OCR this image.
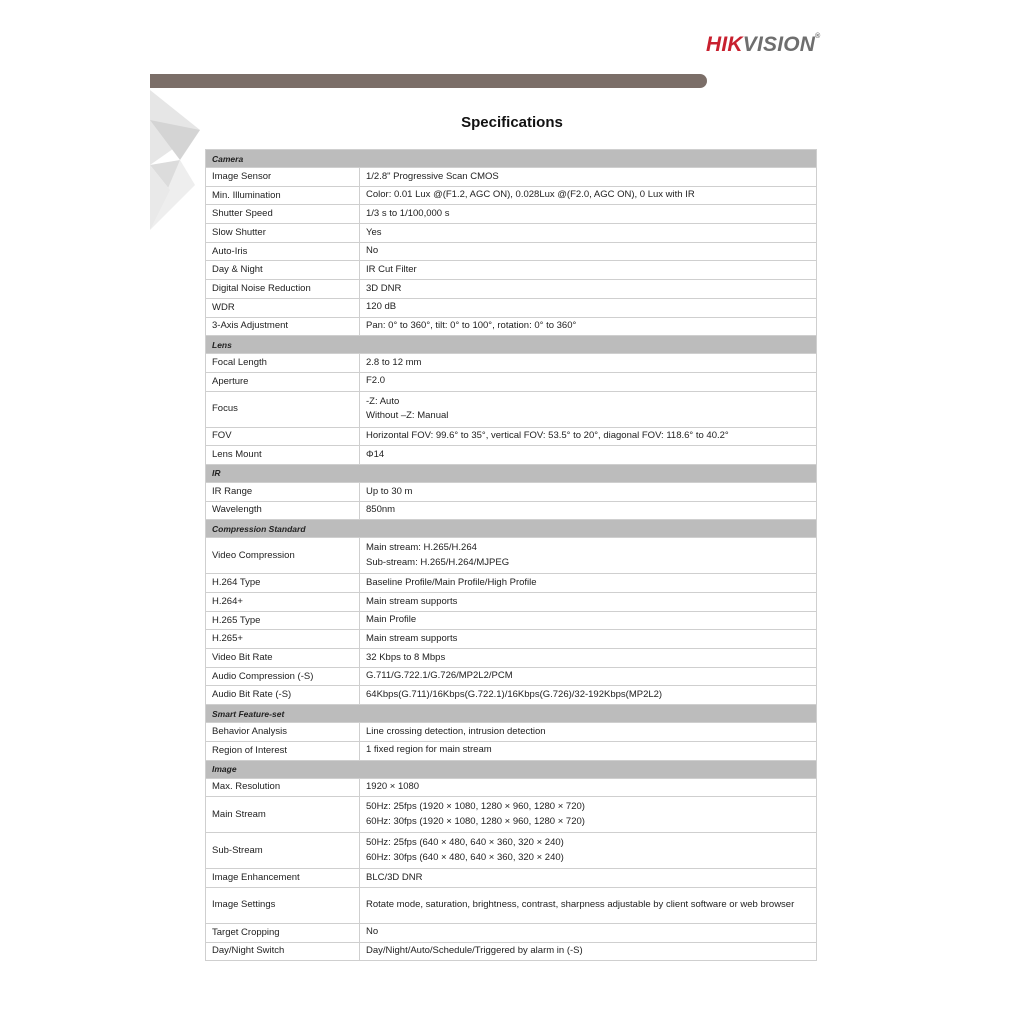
HIKVISION®
Specifications
Camera	
Image Sensor	1/2.8" Progressive Scan CMOS

Min. Illumination	Color: 0.01 Lux @(F1.2, AGC ON), 0.028Lux @(F2.0, AGC ON), 0 Lux with IR

Shutter Speed	1/3 s to 1/100,000 s

Slow Shutter	Yes

Auto-Iris	No

Day & Night	IR Cut Filter

Digital Noise Reduction	3D DNR

WDR	120 dB

3-Axis Adjustment	Pan: 0° to 360°, tilt: 0° to 100°, rotation: 0° to 360°

Lens	
Focal Length	2.8 to 12 mm

Aperture	F2.0

Focus	-Z: Auto
Without –Z: Manual

FOV	Horizontal FOV: 99.6° to 35°, vertical FOV: 53.5° to 20°, diagonal FOV: 118.6° to 40.2°

Lens Mount	Φ14

IR	
IR Range	Up to 30 m

Wavelength	850nm

Compression Standard	
Video Compression	Main stream: H.265/H.264
Sub-stream: H.265/H.264/MJPEG

H.264 Type	Baseline Profile/Main Profile/High Profile

H.264+	Main stream supports

H.265 Type	Main Profile

H.265+	Main stream supports

Video Bit Rate	32 Kbps to 8 Mbps

Audio Compression (-S)	G.711/G.722.1/G.726/MP2L2/PCM

Audio Bit Rate (-S)	64Kbps(G.711)/16Kbps(G.722.1)/16Kbps(G.726)/32-192Kbps(MP2L2)

Smart Feature-set	
Behavior Analysis	Line crossing detection, intrusion detection

Region of Interest	1 fixed region for main stream

Image	
Max. Resolution	1920 × 1080

Main Stream	50Hz: 25fps (1920 × 1080, 1280 × 960, 1280 × 720)
60Hz: 30fps (1920 × 1080, 1280 × 960, 1280 × 720)

Sub-Stream	50Hz: 25fps (640 × 480, 640 × 360, 320 × 240)
60Hz: 30fps (640 × 480, 640 × 360, 320 × 240)

Image Enhancement	BLC/3D DNR

Image Settings	Rotate mode, saturation, brightness, contrast, sharpness adjustable by client software or web browser

Target Cropping	No

Day/Night Switch	Day/Night/Auto/Schedule/Triggered by alarm in (-S)
